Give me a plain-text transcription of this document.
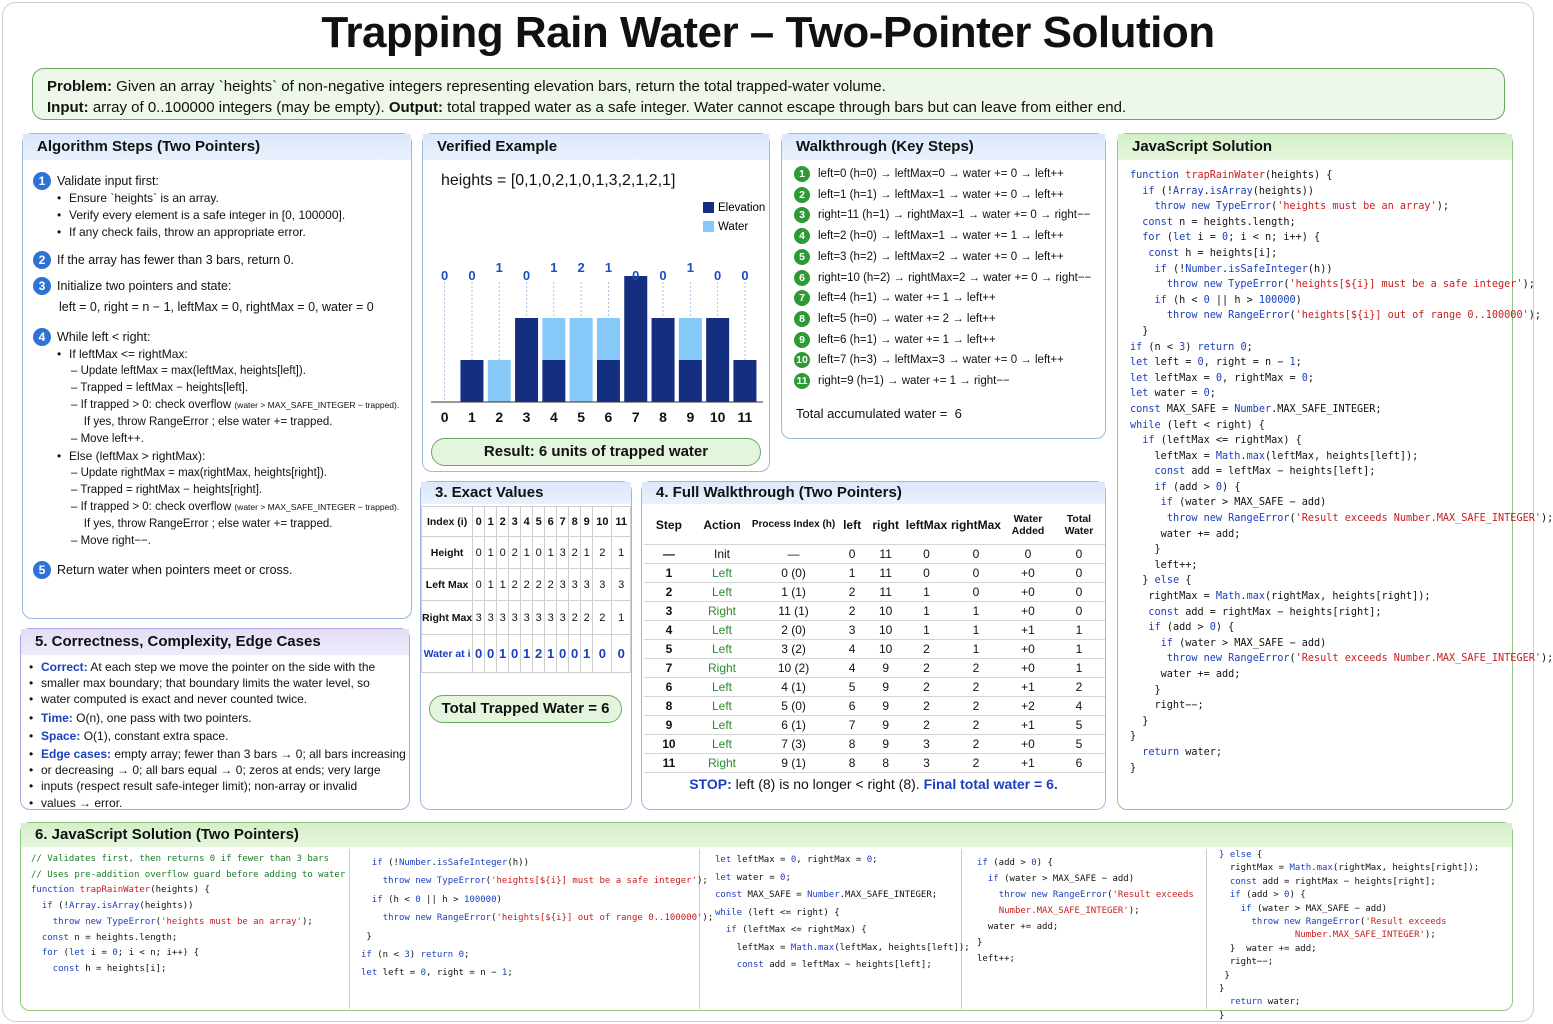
Trapping Rain Water – Two-Pointer Solution
Problem: Given an array `heights` of non-negative integers representing elevation bars, return the total trapped-water volume.
Input: array of 0..100000 integers (may be empty). Output: total trapped water as a safe integer. Water cannot escape through bars but can leave from either end.
Algorithm Steps (Two Pointers)
1 Validate input first:
• Ensure `heights` is an array.
• Verify every element is a safe integer in [0, 100000].
• If any check fails, throw an appropriate error.
2 If the array has fewer than 3 bars, return 0.
3 Initialize two pointers and state:
left = 0, right = n − 1, leftMax = 0, rightMax = 0, water = 0
4 While left < right:
• If leftMax <= rightMax:
– Update leftMax = max(leftMax, heights[left]).
– Trapped = leftMax − heights[left].
– If trapped > 0: check overflow (water > MAX_SAFE_INTEGER − trapped).
If yes, throw RangeError ; else water += trapped.
– Move left++.
• Else (leftMax > rightMax):
– Update rightMax = max(rightMax, heights[right]).
– Trapped = rightMax − heights[right].
– If trapped > 0: check overflow (water > MAX_SAFE_INTEGER − trapped).
If yes, throw RangeError ; else water += trapped.
– Move right−−.
5 Return water when pointers meet or cross.
5. Correctness, Complexity, Edge Cases
• Correct: At each step we move the pointer on the side with the
• smaller max boundary; that boundary limits the water level, so
• water computed is exact and never counted twice.
• Time: O(n), one pass with two pointers.
• Space: O(1), constant extra space.
• Edge cases: empty array; fewer than 3 bars → 0; all bars increasing
• or decreasing → 0; all bars equal → 0; zeros at ends; very large
• inputs (respect result safe-integer limit); non-array or invalid
• values → error.
Verified Example
heights = [0,1,0,2,1,0,1,3,2,1,2,1]
0
0
0
1
1
2
0
3
1
4
2
5
1
6
0
7
0
8
1
9
0
10
0
11
Elevation
Water
Result: 6 units of trapped water
3. Exact Values
Index (i)	0	1	2	3	4	5	6	7	8	9	10	11
Height	0	1	0	2	1	0	1	3	2	1	2	1
Left Max	0	1	1	2	2	2	2	3	3	3	3	3
Right Max	3	3	3	3	3	3	3	3	2	2	2	1
Water at i	0	0	1	0	1	2	1	0	0	1	0	0
Total Trapped Water = 6
Walkthrough (Key Steps)
1 left=0 (h=0) → leftMax=0 → water += 0 → left++
2 left=1 (h=1) → leftMax=1 → water += 0 → left++
3 right=11 (h=1) → rightMax=1 → water += 0 → right−−
4 left=2 (h=0) → leftMax=1 → water += 1 → left++
5 left=3 (h=2) → leftMax=2 → water += 0 → left++
6 right=10 (h=2) → rightMax=2 → water += 0 → right−−
7 left=4 (h=1) → water += 1 → left++
8 left=5 (h=0) → water += 2 → left++
9 left=6 (h=1) → water += 1 → left++
10 left=7 (h=3) → leftMax=3 → water += 0 → left++
11 right=9 (h=1) → water += 1 → right−−
Total accumulated water =  6
4. Full Walkthrough (Two Pointers)
Step	Action	Process Index (h)	left	right	leftMax	rightMax	Water Added	Total Water
—	Init	—	0	11	0	0	0	0
1	Left	0 (0)	1	11	0	0	+0	0
2	Left	1 (1)	2	11	1	0	+0	0
3	Right	11 (1)	2	10	1	1	+0	0
4	Left	2 (0)	3	10	1	1	+1	1
5	Left	3 (2)	4	10	2	1	+0	1
7	Right	10 (2)	4	9	2	2	+0	1
6	Left	4 (1)	5	9	2	2	+1	2
8	Left	5 (0)	6	9	2	2	+2	4
9	Left	6 (1)	7	9	2	2	+1	5
10	Left	7 (3)	8	9	3	2	+0	5
11	Right	9 (1)	8	8	3	2	+1	6
STOP: left (8) is no longer < right (8). Final total water = 6.
JavaScript Solution
function trapRainWater(heights) {
if (!Array.isArray(heights))
throw new TypeError('heights must be an array');
const n = heights.length;
for (let i = 0; i < n; i++) {
const h = heights[i];
if (!Number.isSafeInteger(h))
throw new TypeError('heights[${i}] must be a safe integer');
if (h < 0 || h > 100000)
throw new RangeError('heights[${i}] out of range 0..100000');
}
if (n < 3) return 0;
let left = 0, right = n − 1;
let leftMax = 0, rightMax = 0;
let water = 0;
const MAX_SAFE = Number.MAX_SAFE_INTEGER;
while (left < right) {
if (leftMax <= rightMax) {
leftMax = Math.max(leftMax, heights[left]);
const add = leftMax − heights[left];
if (add > 0) {
if (water > MAX_SAFE − add)
throw new RangeError('Result exceeds Number.MAX_SAFE_INTEGER');
water += add;
}
left++;
} else {
rightMax = Math.max(rightMax, heights[right]);
const add = rightMax − heights[right];
if (add > 0) {
if (water > MAX_SAFE − add)
throw new RangeError('Result exceeds Number.MAX_SAFE_INTEGER');
water += add;
}
right−−;
}
}
return water;
}
6. JavaScript Solution (Two Pointers)
// Validates first, then returns 0 if fewer than 3 bars
// Uses pre-addition overflow guard before adding to water
function trapRainWater(heights) {
if (!Array.isArray(heights))
throw new TypeError('heights must be an array');
const n = heights.length;
for (let i = 0; i < n; i++) {
const h = heights[i];
if (!Number.isSafeInteger(h))
throw new TypeError('heights[${i}] must be a safe integer');
if (h < 0 || h > 100000)
throw new RangeError('heights[${i}] out of range 0..100000');
}
if (n < 3) return 0;
let left = 0, right = n − 1;
let leftMax = 0, rightMax = 0;
let water = 0;
const MAX_SAFE = Number.MAX_SAFE_INTEGER;
while (left <= right) {
if (leftMax <= rightMax) {
leftMax = Math.max(leftMax, heights[left]);
const add = leftMax − heights[left];
if (add > 0) {
if (water > MAX_SAFE − add)
throw new RangeError('Result exceeds
Number.MAX_SAFE_INTEGER');
water += add;
}
left++;
} else {
rightMax = Math.max(rightMax, heights[right]);
const add = rightMax − heights[right];
if (add > 0) {
if (water > MAX_SAFE − add)
throw new RangeError('Result exceeds
Number.MAX_SAFE_INTEGER');
}  water += add;
right−−;
}
}
return water;
}
